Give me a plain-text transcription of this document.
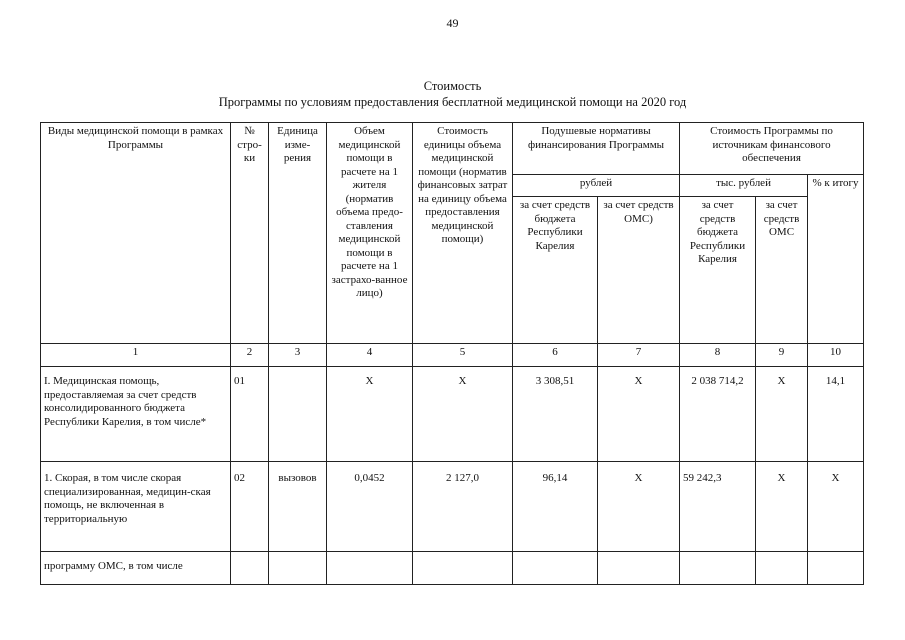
49
Стоимость
Программы по условиям предоставления бесплатной медицинской помощи на 2020 год
Виды медицинской помощи в рамках Программы	№ стро-ки	Единица изме-рения	Объем медицинской помощи в расчете на 1 жителя (норматив объема предо-ставления медицинской помощи в расчете на 1 застрахо-ванное лицо)	Стоимость единицы объема медицинской помощи (норматив финансовых затрат на единицу объема предоставления медицинской помощи)	Подушевые нормативы финансирования Программы		Стоимость Программы по источникам финансового обеспечения		
					рублей		тыс. рублей		% к итогу
					за счет средств бюджета Республики Карелия	за счет средств ОМС)	за счет средств бюджета Республики Карелия	за счет средств ОМС	
1	2	3	4	5	6	7	8	9	10
I. Медицинская помощь, предоставляемая за счет средств консолидированного бюджета Республики Карелия, в том числе*	01		X	X	3 308,51	X	2 038 714,2	X	14,1
1. Скорая, в том числе скорая специализированная, медицин-ская помощь, не включенная в территориальную	02	вызовов	0,0452	2 127,0	96,14	X	59 242,3	X	X
программу ОМС, в том числе									
